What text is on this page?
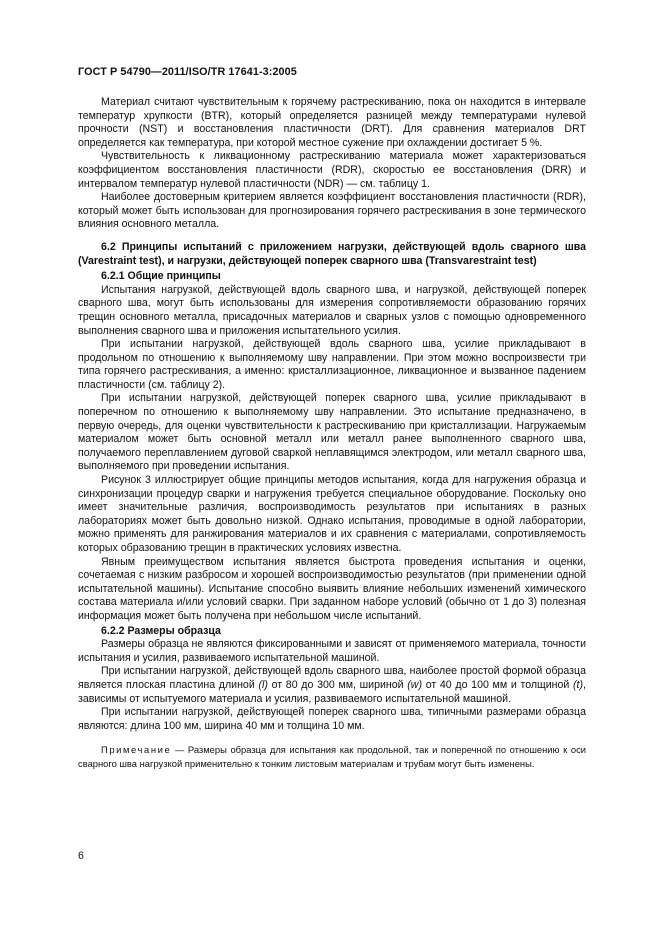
ГОСТ Р 54790—2011/ISO/TR 17641-3:2005

Материал считают чувствительным к горячему растрескиванию, пока он находится в интервале температур хрупкости (BTR), который определяется разницей между температурами нулевой прочности (NST) и восстановления пластичности (DRT). Для сравнения материалов DRT определяется как температура, при которой местное сужение при охлаждении достигает 5 %.

Чувствительность к ликвационному растрескиванию материала может характеризоваться коэффициентом восстановления пластичности (RDR), скоростью ее восстановления (DRR) и интервалом температур нулевой пластичности (NDR) — см. таблицу 1.

Наиболее достоверным критерием является коэффициент восстановления пластичности (RDR), который может быть использован для прогнозирования горячего растрескивания в зоне термического влияния основного металла.

6.2 Принципы испытаний с приложением нагрузки, действующей вдоль сварного шва (Varestraint test), и нагрузки, действующей поперек сварного шва (Transvarestraint test)
6.2.1 Общие принципы

Испытания нагрузкой, действующей вдоль сварного шва, и нагрузкой, действующей поперек сварного шва, могут быть использованы для измерения сопротивляемости образованию горячих трещин основного металла, присадочных материалов и сварных узлов с помощью одновременного выполнения сварного шва и приложения испытательного усилия.

При испытании нагрузкой, действующей вдоль сварного шва, усилие прикладывают в продольном по отношению к выполняемому шву направлении. При этом можно воспроизвести три типа горячего растрескивания, а именно: кристаллизационное, ликвационное и вызванное падением пластичности (см. таблицу 2).

При испытании нагрузкой, действующей поперек сварного шва, усилие прикладывают в поперечном по отношению к выполняемому шву направлении. Это испытание предназначено, в первую очередь, для оценки чувствительности к растрескиванию при кристаллизации. Нагружаемым материалом может быть основной металл или металл ранее выполненного сварного шва, получаемого переплавлением дуговой сваркой неплавящимся электродом, или металл сварного шва, выполняемого при проведении испытания.

Рисунок 3 иллюстрирует общие принципы методов испытания, когда для нагружения образца и синхронизации процедур сварки и нагружения требуется специальное оборудование. Поскольку оно имеет значительные различия, воспроизводимость результатов при испытаниях в разных лабораториях может быть довольно низкой. Однако испытания, проводимые в одной лаборатории, можно применять для ранжирования материалов и их сравнения с материалами, сопротивляемость которых образованию трещин в практических условиях известна.

Явным преимуществом испытания является быстрота проведения испытания и оценки, сочетаемая с низким разбросом и хорошей воспроизводимостью результатов (при применении одной испытательной машины). Испытание способно выявить влияние небольших изменений химического состава материала и/или условий сварки. При заданном наборе условий (обычно от 1 до 3) полезная информация может быть получена при небольшом числе испытаний.

6.2.2 Размеры образца

Размеры образца не являются фиксированными и зависят от применяемого материала, точности испытания и усилия, развиваемого испытательной машиной.

При испытании нагрузкой, действующей вдоль сварного шва, наиболее простой формой образца является плоская пластина длиной (l) от 80 до 300 мм, шириной (w) от 40 до 100 мм и толщиной (t), зависимы от испытуемого материала и усилия, развиваемого испытательной машиной.

При испытании нагрузкой, действующей поперек сварного шва, типичными размерами образца являются: длина 100 мм, ширина 40 мм и толщина 10 мм.

Примечание — Размеры образца для испытания как продольной, так и поперечной по отношению к оси сварного шва нагрузкой применительно к тонким листовым материалам и трубам могут быть изменены.

6
